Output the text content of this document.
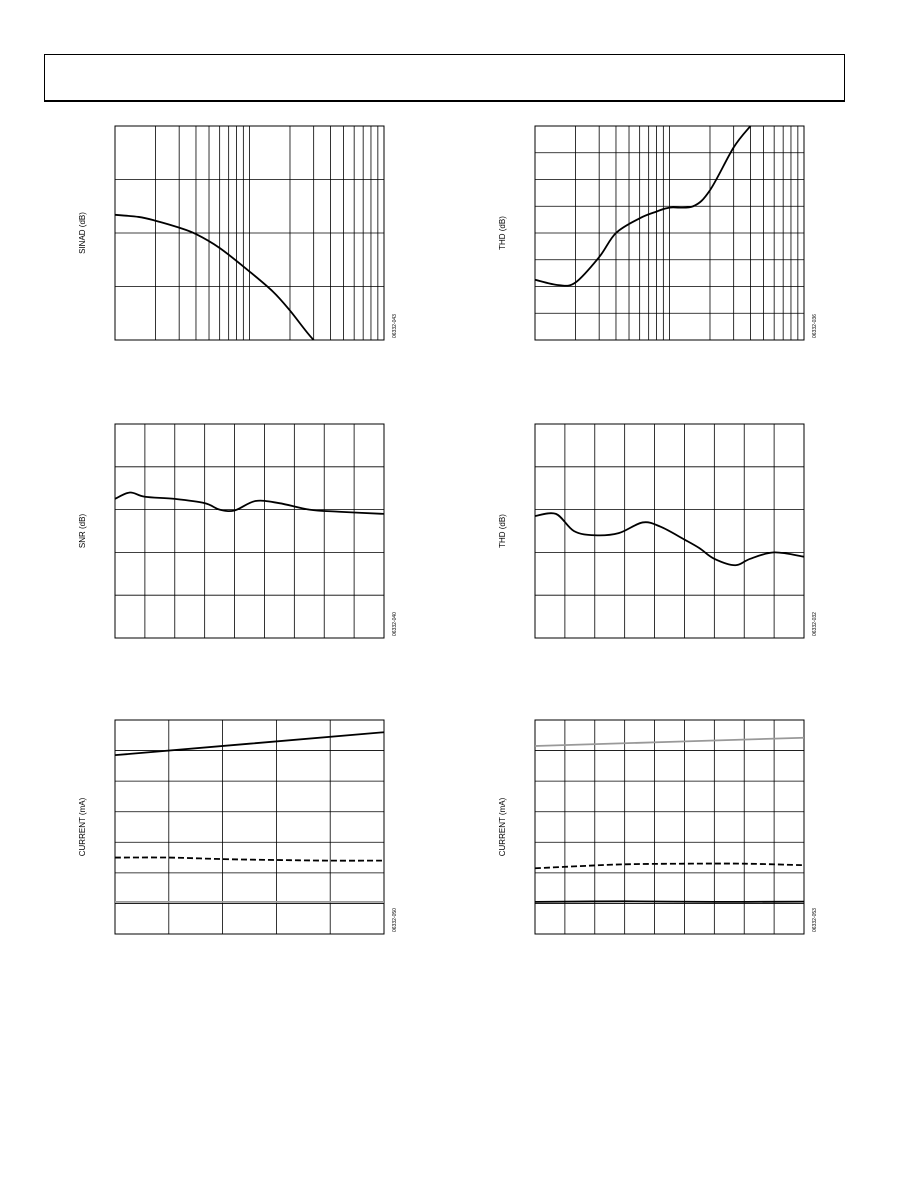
SINAD (dB)
06332-043
THD (dB)
06332-036
SNR (dB)
06332-040
THD (dB)
06332-032
CURRENT (mA)
06332-050
CURRENT (mA)
06332-053
